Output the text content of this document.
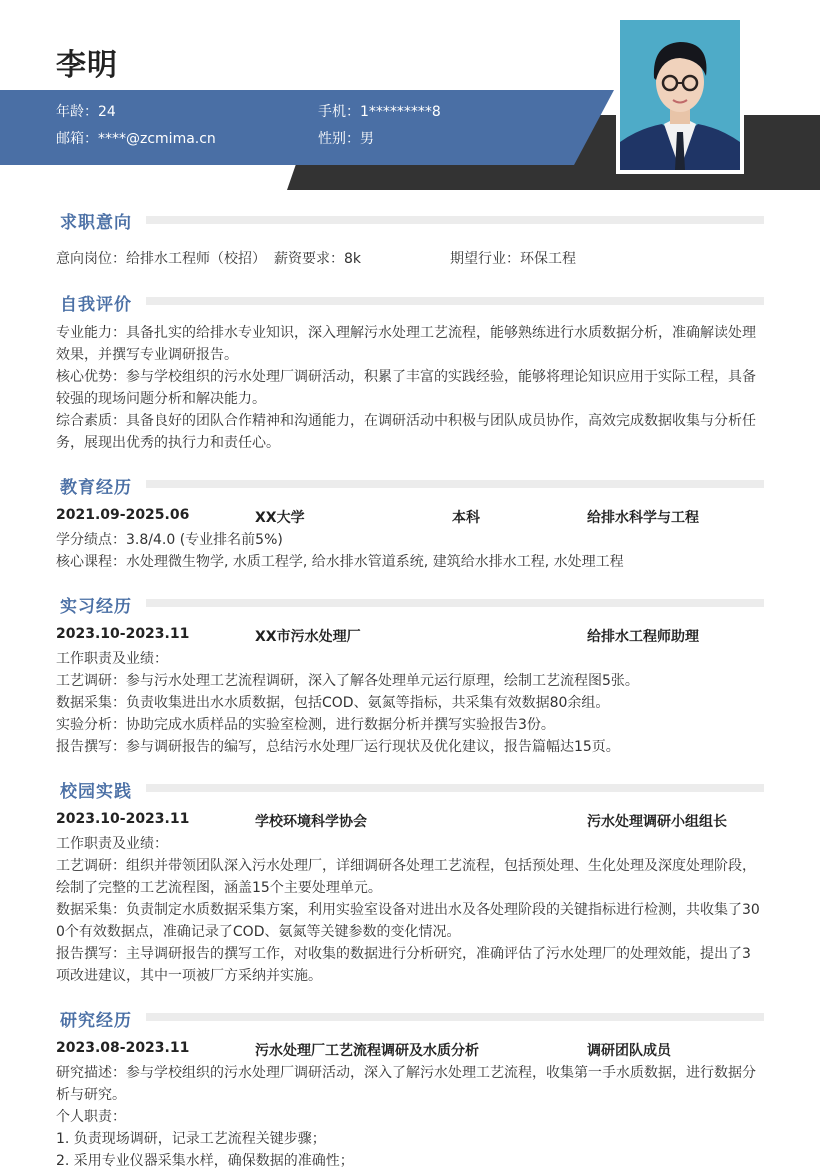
李明
年龄：24	手机：1*********8
邮箱：****@zcmima.cn	性别：男
求职意向
意向岗位：给排水工程师（校招） 薪资要求：8k	期望行业：环保工程
自我评价
专业能力：具备扎实的给排水专业知识，深入理解污水处理工艺流程，能够熟练进行水质数据分析，准确解读处理
效果，并撰写专业调研报告。
核心优势：参与学校组织的污水处理厂调研活动，积累了丰富的实践经验，能够将理论知识应用于实际工程，具备
较强的现场问题分析和解决能力。
综合素质：具备良好的团队合作精神和沟通能力，在调研活动中积极与团队成员协作，高效完成数据收集与分析任
务，展现出优秀的执行力和责任心。
教育经历
2021.09-2025.06	XX大学	本科	给排水科学与工程
学分绩点：3.8/4.0 (专业排名前5%)
核心课程：水处理微生物学, 水质工程学, 给水排水管道系统, 建筑给水排水工程, 水处理工程
实习经历
2023.10-2023.11	XX市污水处理厂	给排水工程师助理
工作职责及业绩：
工艺调研：参与污水处理工艺流程调研，深入了解各处理单元运行原理，绘制工艺流程图5张。
数据采集：负责收集进出水水质数据，包括COD、氨氮等指标，共采集有效数据80余组。
实验分析：协助完成水质样品的实验室检测，进行数据分析并撰写实验报告3份。
报告撰写：参与调研报告的编写，总结污水处理厂运行现状及优化建议，报告篇幅达15页。
校园实践
2023.10-2023.11	学校环境科学协会	污水处理调研小组组长
工作职责及业绩：
工艺调研：组织并带领团队深入污水处理厂，详细调研各处理工艺流程，包括预处理、生化处理及深度处理阶段，
绘制了完整的工艺流程图，涵盖15个主要处理单元。
数据采集：负责制定水质数据采集方案，利用实验室设备对进出水及各处理阶段的关键指标进行检测，共收集了30
0个有效数据点，准确记录了COD、氨氮等关键参数的变化情况。
报告撰写：主导调研报告的撰写工作，对收集的数据进行分析研究，准确评估了污水处理厂的处理效能，提出了3
项改进建议，其中一项被厂方采纳并实施。
研究经历
2023.08-2023.11	污水处理厂工艺流程调研及水质分析	调研团队成员
研究描述：参与学校组织的污水处理厂调研活动，深入了解污水处理工艺流程，收集第一手水质数据，进行数据分
析与研究。
个人职责：
1. 负责现场调研，记录工艺流程关键步骤；
2. 采用专业仪器采集水样，确保数据的准确性；
